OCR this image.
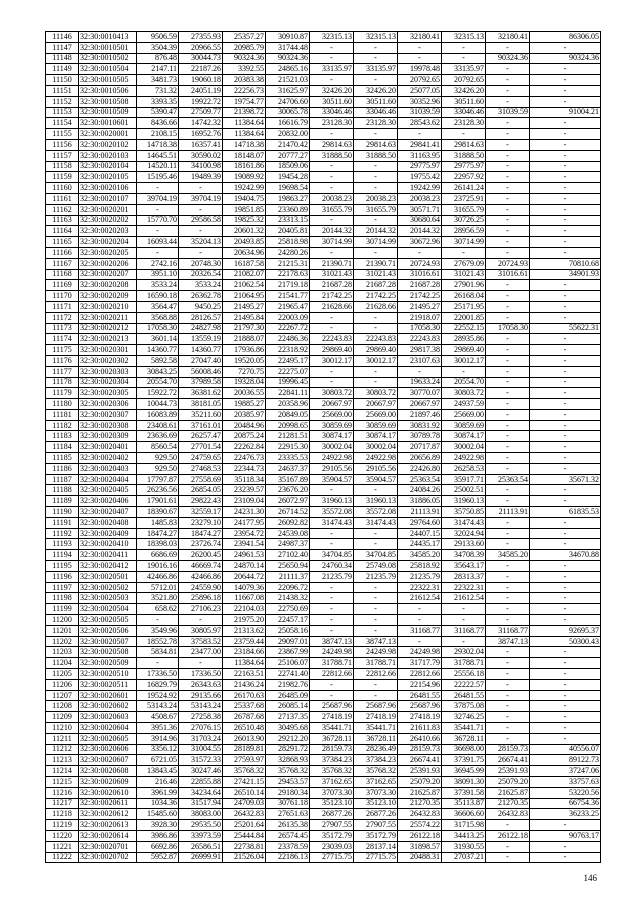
11146	32:30:0010413	9506.59	27355.93	25357.27	30910.87	32315.13	32315.13	32180.41	32315.13	32180.41	86306.05
11147	32:30:0010501	3504.39	20966.55	20985.79	31744.48	-	-	-	-	-	-
11148	32:30:0010502	876.48	30044.73	90324.36	90324.36	-	-	-	-	90324.36	90324.36
11149	32:30:0010504	2147.11	22187.26	3392.55	24865.16	33135.97	33135.97	19978.48	33135.97	-	-
11150	32:30:0010505	3481.73	19060.18	20383.38	21521.03	-	-	20792.65	20792.65	-	-
11151	32:30:0010506	731.32	24051.19	22256.73	31625.97	32426.20	32426.20	25077.05	32426.20	-	-
11152	32:30:0010508	3393.35	19922.72	19754.77	24706.60	30511.60	30511.60	30352.96	30511.60	-	-
11153	32:30:0010509	5390.47	27509.77	21398.72	30065.78	33046.46	33046.46	31039.59	33046.46	31039.59	91004.21
11154	32:30:0010601	8436.66	14742.32	11384.64	16616.79	23128.30	23128.30	28543.62	23128.30	-	-
11155	32:30:0020001	2108.15	16952.76	11384.64	20832.00	-	-	-	-	-	-
11156	32:30:0020102	14718.38	16357.41	14718.38	21470.42	29814.63	29814.63	29841.41	29814.63	-	-
11157	32:30:0020103	14645.51	30590.02	18148.07	20777.27	31888.50	31888.50	31163.95	31888.50	-	-
11158	32:30:0020104	14520.11	34100.98	18161.86	18509.06	-	-	29775.97	29775.97	-	-
11159	32:30:0020105	15195.46	19489.39	19089.92	19454.28	-	-	19755.42	22957.92	-	-
11160	32:30:0020106	-	-	19242.99	19698.54	-	-	19242.99	26141.24	-	-
11161	32:30:0020107	39704.19	39704.19	19404.75	19863.27	20038.23	20038.23	20038.23	23725.91	-	-
11162	32:30:0020201	-	-	19851.85	23360.89	31655.79	31655.79	30571.71	31655.79	-	-
11163	32:30:0020202	15770.70	29586.58	19825.32	23313.15	-	-	30680.64	30726.25	-	-
11164	32:30:0020203	-	-	20601.32	20405.81	20144.32	20144.32	20144.32	28956.59	-	-
11165	32:30:0020204	16093.44	35204.13	20493.85	25818.98	30714.99	30714.99	30672.96	30714.99	-	-
11166	32:30:0020205	-	-	20634.96	24280.26	-	-	-	-	-	-
11167	32:30:0020206	2742.16	20748.30	16187.58	21215.31	21390.71	21390.71	20724.93	27679.09	20724.93	70810.68
11168	32:30:0020207	3951.10	20326.54	21082.07	22178.63	31021.43	31021.43	31016.61	31021.43	31016.61	34901.93
11169	32:30:0020208	3533.24	3533.24	21062.54	21719.18	21687.28	21687.28	21687.28	27901.96	-	-
11170	32:30:0020209	16590.18	26362.78	21064.95	21541.77	21742.25	21742.25	21742.25	26168.04	-	-
11171	32:30:0020210	3564.47	9450.25	21495.27	21965.47	21628.66	21628.66	21495.27	25171.95	-	-
11172	32:30:0020211	3568.88	28126.57	21495.84	22003.09	-	-	21918.07	22001.85	-	-
11173	32:30:0020212	17058.30	24827.98	21797.30	22267.72	-	-	17058.30	22552.15	17058.30	55622.31
11174	32:30:0020213	3601.14	13559.19	21888.07	22486.36	22243.83	22243.83	22243.83	28935.86	-	-
11175	32:30:0020301	14360.77	14360.77	17936.86	22318.92	29869.40	29869.40	29817.38	29869.40	-	-
11176	32:30:0020302	5892.58	27047.40	19520.05	22495.17	30012.17	30012.17	23107.63	30012.17	-	-
11177	32:30:0020303	30843.25	56008.46	7270.75	22275.07	-	-	-	-	-	-
11178	32:30:0020304	20554.70	37989.58	19328.04	19996.45	-	-	19633.24	20554.70	-	-
11179	32:30:0020305	15922.72	36381.62	20036.55	22841.11	30803.72	30803.72	30770.07	30803.72	-	-
11180	32:30:0020306	10044.73	38181.05	19885.27	20358.96	20667.97	20667.97	20667.97	24937.59	-	-
11181	32:30:0020307	16083.89	35211.60	20385.97	20849.05	25669.00	25669.00	21897.46	25669.00	-	-
11182	32:30:0020308	23408.61	37161.01	20484.96	20998.65	30859.69	30859.69	30831.92	30859.69	-	-
11183	32:30:0020309	23636.69	26257.47	20875.24	21281.51	30874.17	30874.17	30789.78	30874.17	-	-
11184	32:30:0020401	8560.54	27701.54	22262.84	22915.30	30002.04	30002.04	20717.87	30002.04	-	-
11185	32:30:0020402	929.50	24759.65	22476.73	23335.53	24922.98	24922.98	20656.89	24922.98	-	-
11186	32:30:0020403	929.50	27468.53	22344.73	24637.37	29105.56	29105.56	22426.80	26258.53	-	-
11187	32:30:0020404	17797.87	27558.69	35118.34	35167.89	35904.57	35904.57	25363.54	35917.71	25363.54	35671.32
11188	32:30:0020405	26236.56	26854.05	23239.57	23676.20	-	-	24084.26	25002.51	-	-
11189	32:30:0020406	17901.61	29822.43	23109.04	26072.97	31960.13	31960.13	31886.05	31960.13	-	-
11190	32:30:0020407	18390.67	32559.17	24231.30	26714.52	35572.08	35572.08	21113.91	35750.85	21113.91	61835.53
11191	32:30:0020408	1485.83	23279.10	24177.95	26092.82	31474.43	31474.43	29764.60	31474.43	-	-
11192	32:30:0020409	18474.27	18474.27	23954.72	24539.08	-	-	24407.15	32024.94	-	-
11193	32:30:0020410	18398.03	23726.74	23941.54	24987.37	-	-	24435.17	29133.60	-	-
11194	32:30:0020411	6686.69	26200.45	24961.53	27102.40	34704.85	34704.85	34585.20	34708.39	34585.20	34670.88
11195	32:30:0020412	19016.16	46669.74	24870.14	25650.94	24760.34	25749.08	25818.92	35643.17	-	-
11196	32:30:0020501	42466.86	42466.86	20644.72	21111.37	21235.79	21235.79	21235.79	28313.37	-	-
11197	32:30:0020502	5712.01	24559.90	14079.36	22096.72	-	-	22322.31	22322.31	-	-
11198	32:30:0020503	3521.80	25896.18	11667.08	21438.32	-	-	21612.54	21612.54	-	-
11199	32:30:0020504	658.62	27106.23	22104.03	22750.69	-	-	-	-	-	-
11200	32:30:0020505	-	-	21975.20	22457.17	-	-	-	-	-	-
11201	32:30:0020506	3549.96	30805.97	21313.62	25058.16	-	-	31168.77	31168.77	31168.77	92695.37
11202	32:30:0020507	18552.78	37583.52	23759.44	29097.01	38747.13	38747.13	-	-	38747.13	50300.43
11203	32:30:0020508	5834.81	23477.00	23184.66	23867.99	24249.98	24249.98	24249.98	29302.04	-	-
11204	32:30:0020509	-	-	11384.64	25106.07	31788.71	31788.71	31717.79	31788.71	-	-
11205	32:30:0020510	17336.50	17336.50	22163.51	22741.40	22812.66	22812.66	22812.66	25556.18	-	-
11206	32:30:0020511	16829.79	26343.63	21436.24	21982.76	-	-	22154.96	22222.57	-	-
11207	32:30:0020601	19524.92	29135.66	26170.63	26485.09	-	-	26481.55	26481.55	-	-
11208	32:30:0020602	53143.24	53143.24	25337.68	26085.14	25687.96	25687.96	25687.96	37875.08	-	-
11209	32:30:0020603	4508.67	27258.38	26787.68	27137.35	27418.19	27418.19	27418.19	32746.25	-	-
11210	32:30:0020604	3951.36	27076.15	26510.48	30495.68	35441.71	35441.71	21611.83	35441.71	-	-
11211	32:30:0020605	3914.96	31703.24	26013.90	29212.20	36728.11	36728.11	26410.66	36728.11	-	-
11212	32:30:0020606	3356.12	31004.55	28189.81	28291.72	28159.73	28236.49	28159.73	36698.00	28159.73	40556.07
11213	32:30:0020607	6721.05	31572.33	27593.97	32868.93	37384.23	37384.23	26674.41	37391.75	26674.41	89122.73
11214	32:30:0020608	13843.45	30247.46	35768.32	35768.32	35768.32	35768.32	25391.93	36945.99	25391.93	37247.06
11215	32:30:0020609	216.46	22855.88	27421.15	29453.57	37162.65	37162.65	25079.20	38091.30	25079.20	33757.63
11216	32:30:0020610	3961.99	34234.64	26510.14	29180.34	37073.30	37073.30	21625.87	37391.58	21625.87	53220.56
11217	32:30:0020611	1034.36	31517.94	24709.03	30761.18	35123.10	35123.10	21270.35	35113.87	21270.35	66754.36
11218	32:30:0020612	15485.60	38083.00	26432.83	27651.63	26877.26	26877.26	26432.83	36606.60	26432.83	36233.25
11219	32:30:0020613	3928.30	29535.50	25201.64	26135.38	27907.55	27907.55	25574.22	31715.98	-	-
11220	32:30:0020614	3986.86	33973.59	25444.84	26574.45	35172.79	35172.79	26122.18	34413.25	26122.18	90763.17
11221	32:30:0020701	6692.86	26586.51	22738.81	23378.59	23039.03	28137.14	31898.57	31930.55	-	-
11222	32:30:0020702	5952.87	26999.91	21526.04	22186.13	27715.75	27715.75	20488.31	27037.21	-	-
146
